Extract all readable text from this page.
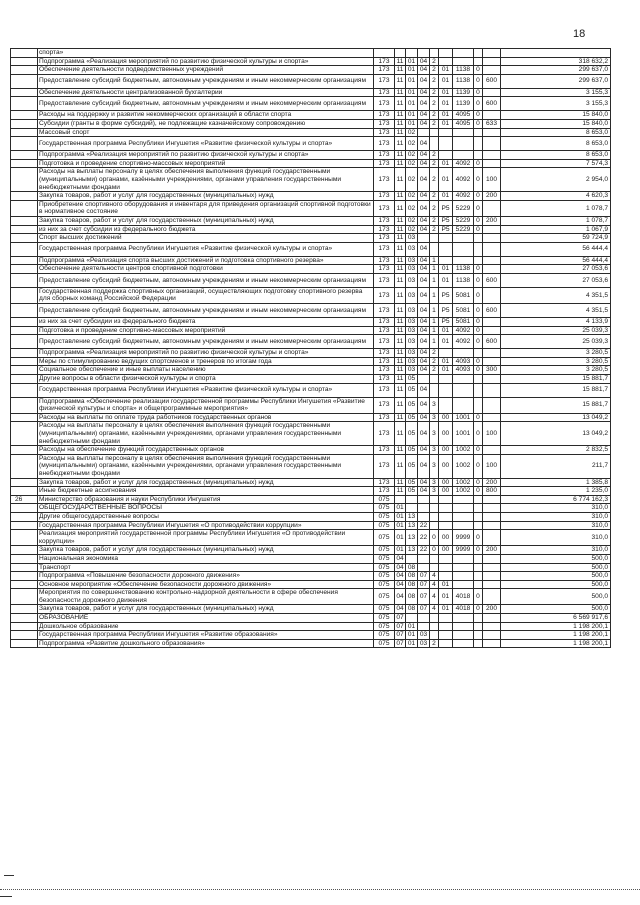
18
	спорта»										
	Подпрограмма «Реализация мероприятий по развитию физической культуры и спорта»	173	11	01	04	2					318 632,2
	Обеспечение деятельности подведомственных учреждений	173	11	01	04	2	01	1138	0		299 637,0
	Предоставление субсидий бюджетным, автономным учреждениям и иным некоммерческим организациям	173	11	01	04	2	01	1138	0	600	299 637,0
	Обеспечение деятельности централизованной бухгалтерии	173	11	01	04	2	01	1139	0		3 155,3
	Предоставление субсидий бюджетным, автономным учреждениям и иным некоммерческим организациям	173	11	01	04	2	01	1139	0	600	3 155,3
	Расходы на поддержку и развитие некоммерческих организаций в области спорта	173	11	01	04	2	01	4095	0		15 840,0
	Субсидии (гранты в форме субсидий), не подлежащие казначейскому сопровождению	173	11	01	04	2	01	4095	0	633	15 840,0
	Массовый спорт	173	11	02							8 653,0
	Государственная программа Республики Ингушетия «Развитие физической культуры и спорта»	173	11	02	04						8 653,0
	Подпрограмма «Реализация мероприятий по развитию физической культуры и спорта»	173	11	02	04	2					8 653,0
	Подготовка и проведение спортивно-массовых мероприятий	173	11	02	04	2	01	4092	0		7 574,3
	Расходы на выплаты персоналу в целях обеспечения выполнения функций государственными (муниципальными) органами, казёнными учреждениями, органами управления государственными внебюджетными фондами	173	11	02	04	2	01	4092	0	100	2 954,0
	Закупка товаров, работ и услуг для государственных (муниципальных) нужд	173	11	02	04	2	01	4092	0	200	4 620,3
	Приобретение спортивного оборудования и инвентаря для приведения организаций спортивной подготовки в нормативное состояние	173	11	02	04	2	P5	5229	0		1 078,7
	Закупка товаров, работ и услуг для государственных (муниципальных) нужд	173	11	02	04	2	P5	5229	0	200	1 078,7
	из них за счет субсидии из федерального бюджета	173	11	02	04	2	P5	5229	0		1 067,9
	Спорт высших достижений	173	11	03							59 724,9
	Государственная программа Республики Ингушетия «Развитие физической культуры и спорта»	173	11	03	04						56 444,4
	Подпрограмма «Реализация спорта высших достижений и подготовка спортивного резерва»	173	11	03	04	1					56 444,4
	Обеспечение деятельности центров спортивной подготовки	173	11	03	04	1	01	1138	0		27 053,6
	Предоставление субсидий бюджетным, автономным учреждениям и иным некоммерческим организациям	173	11	03	04	1	01	1138	0	600	27 053,6
	Государственная поддержка спортивных организаций, осуществляющих подготовку спортивного резерва для сборных команд Российской Федерации	173	11	03	04	1	P5	5081	0		4 351,5
	Предоставление субсидий бюджетным, автономным учреждениям и иным некоммерческим организациям	173	11	03	04	1	P5	5081	0	600	4 351,5
	из них за счет субсидии из федерального бюджета	173	11	03	04	1	P5	5081	0		4 133,9
	Подготовка и проведение спортивно-массовых мероприятий	173	11	03	04	1	01	4092	0		25 039,3
	Предоставление субсидий бюджетным, автономным учреждениям и иным некоммерческим организациям	173	11	03	04	1	01	4092	0	600	25 039,3
	Подпрограмма «Реализация мероприятий по развитию физической культуры и спорта»	173	11	03	04	2					3 280,5
	Меры по стимулированию ведущих спортсменов и тренеров по итогам года	173	11	03	04	2	01	4093	0		3 280,5
	Социальное обеспечение и иные выплаты населению	173	11	03	04	2	01	4093	0	300	3 280,5
	Другие вопросы в области физической культуры и спорта	173	11	05							15 881,7
	Государственная программа Республики Ингушетия «Развитие физической культуры и спорта»	173	11	05	04						15 881,7
	Подпрограмма «Обеспечение реализации государственной программы Республики Ингушетия «Развитие физической культуры и спорта» и общепрограммные мероприятия»	173	11	05	04	3					15 881,7
	Расходы на выплаты по оплате труда работников государственных органов	173	11	05	04	3	00	1001	0		13 049,2
	Расходы на выплаты персоналу в целях обеспечения выполнения функций государственными (муниципальными) органами, казёнными учреждениями, органами управления государственными внебюджетными фондами	173	11	05	04	3	00	1001	0	100	13 049,2
	Расходы на обеспечение функций государственных органов	173	11	05	04	3	00	1002	0		2 832,5
	Расходы на выплаты персоналу в целях обеспечения выполнения функций государственными (муниципальными) органами, казёнными учреждениями, органами управления государственными внебюджетными фондами	173	11	05	04	3	00	1002	0	100	211,7
	Закупка товаров, работ и услуг для государственных (муниципальных) нужд	173	11	05	04	3	00	1002	0	200	1 385,8
	Иные бюджетные ассигнования	173	11	05	04	3	00	1002	0	800	1 235,0
26	Министерство образования и науки Республики Ингушетия	075									6 774 162,3
	ОБЩЕГОСУДАРСТВЕННЫЕ ВОПРОСЫ	075	01								310,0
	Другие общегосударственные вопросы	075	01	13							310,0
	Государственная программа Республики Ингушетия «О противодействии коррупции»	075	01	13	22						310,0
	Реализация мероприятий государственной программы Республики Ингушетия «О противодействии коррупции»	075	01	13	22	0	00	9999	0		310,0
	Закупка товаров, работ и услуг для государственных (муниципальных) нужд	075	01	13	22	0	00	9999	0	200	310,0
	Национальная экономика	075	04								500,0
	Транспорт	075	04	08							500,0
	Подпрограмма «Повышение безопасности дорожного движения»	075	04	08	07	4					500,0
	Основное мероприятие «Обеспечение безопасности дорожного движения»	075	04	08	07	4	01				500,0
	Мероприятия по совершенствованию контрольно-надзорной деятельности в сфере обеспечения безопасности дорожного движения	075	04	08	07	4	01	4018	0		500,0
	Закупка товаров, работ и услуг для государственных (муниципальных) нужд	075	04	08	07	4	01	4018	0	200	500,0
	ОБРАЗОВАНИЕ	075	07								6 569 917,6
	Дошкольное образование	075	07	01							1 198 200,1
	Государственная программа Республики Ингушетия «Развитие образования»	075	07	01	03						1 198 200,1
	Подпрограмма «Развитие дошкольного образования»	075	07	01	03	2					1 198 200,1
